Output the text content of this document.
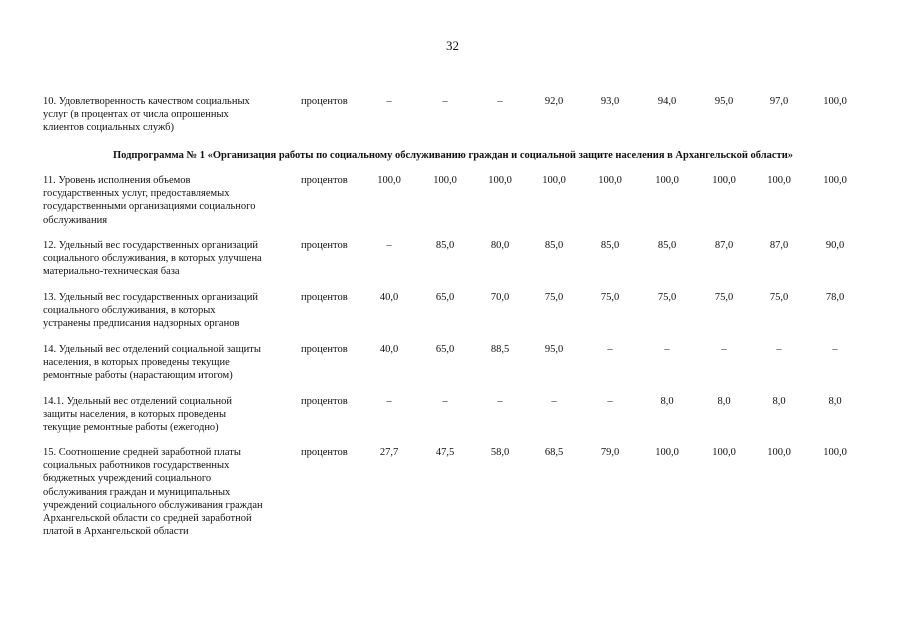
32
10. Удовлетворенность качеством социальных
услуг (в процентах от числа опрошенных
клиентов социальных служб)
процентов	–	–	–	92,0	93,0	94,0	95,0	97,0	100,0
Подпрограмма № 1 «Организация работы по социальному обслуживанию граждан и социальной защите населения в Архангельской области»
11. Уровень исполнения объемов
государственных услуг, предоставляемых
государственными организациями социального
обслуживания
процентов	100,0	100,0	100,0	100,0	100,0	100,0	100,0	100,0	100,0
12. Удельный вес государственных организаций
социального обслуживания, в которых улучшена
материально-техническая база
процентов	–	85,0	80,0	85,0	85,0	85,0	87,0	87,0	90,0
13. Удельный вес государственных организаций
социального обслуживания, в которых
устранены предписания надзорных органов
процентов	40,0	65,0	70,0	75,0	75,0	75,0	75,0	75,0	78,0
14. Удельный вес отделений социальной защиты
населения, в которых проведены текущие
ремонтные работы (нарастающим итогом)
процентов	40,0	65,0	88,5	95,0	–	–	–	–	–
14.1. Удельный вес отделений социальной
защиты населения, в которых проведены
текущие ремонтные работы (ежегодно)
процентов	–	–	–	–	–	8,0	8,0	8,0	8,0
15. Соотношение средней заработной платы
социальных работников государственных
бюджетных учреждений социального
обслуживания граждан и муниципальных
учреждений социального обслуживания граждан
Архангельской области со средней заработной
платой в Архангельской области
процентов	27,7	47,5	58,0	68,5	79,0	100,0	100,0	100,0	100,0
